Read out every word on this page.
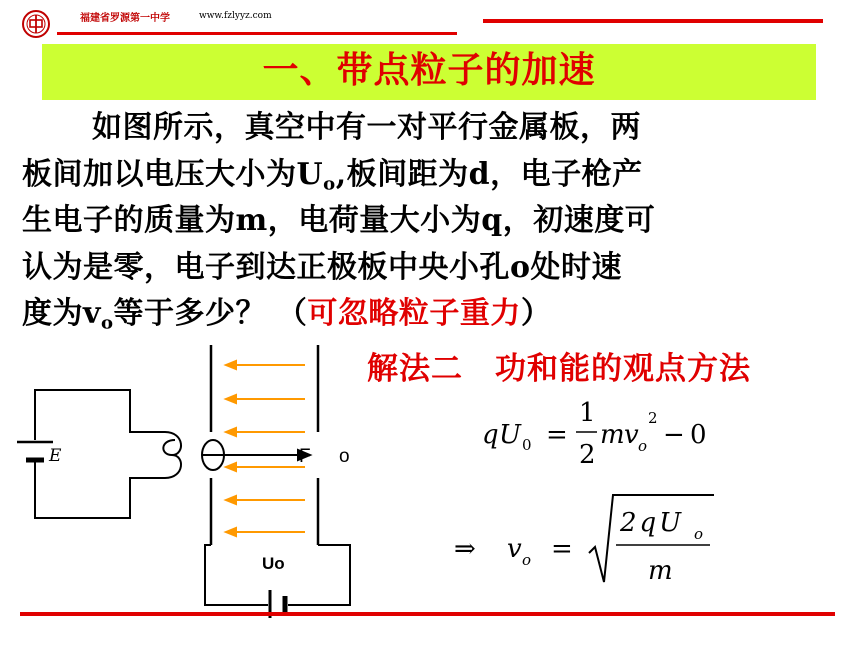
福建省罗源第一中学	www.fzlyyz.com
一、带点粒子的加速
如图所示，真空中有一对平行金属板，两
板间加以电压大小为$U_o$,板间距为d，电子枪产
生电子的质量为m，电荷量大小为q，初速度可
认为是零，电子到达正极板中央小孔o处时速
度为$v_o$等于多少？ （可忽略粒子重力）
解法二　功和能的观点方法
E	F o
Uo
q U 0 =
1
2
m v o
2
− 0
⇒ v o =
2qU o
m
